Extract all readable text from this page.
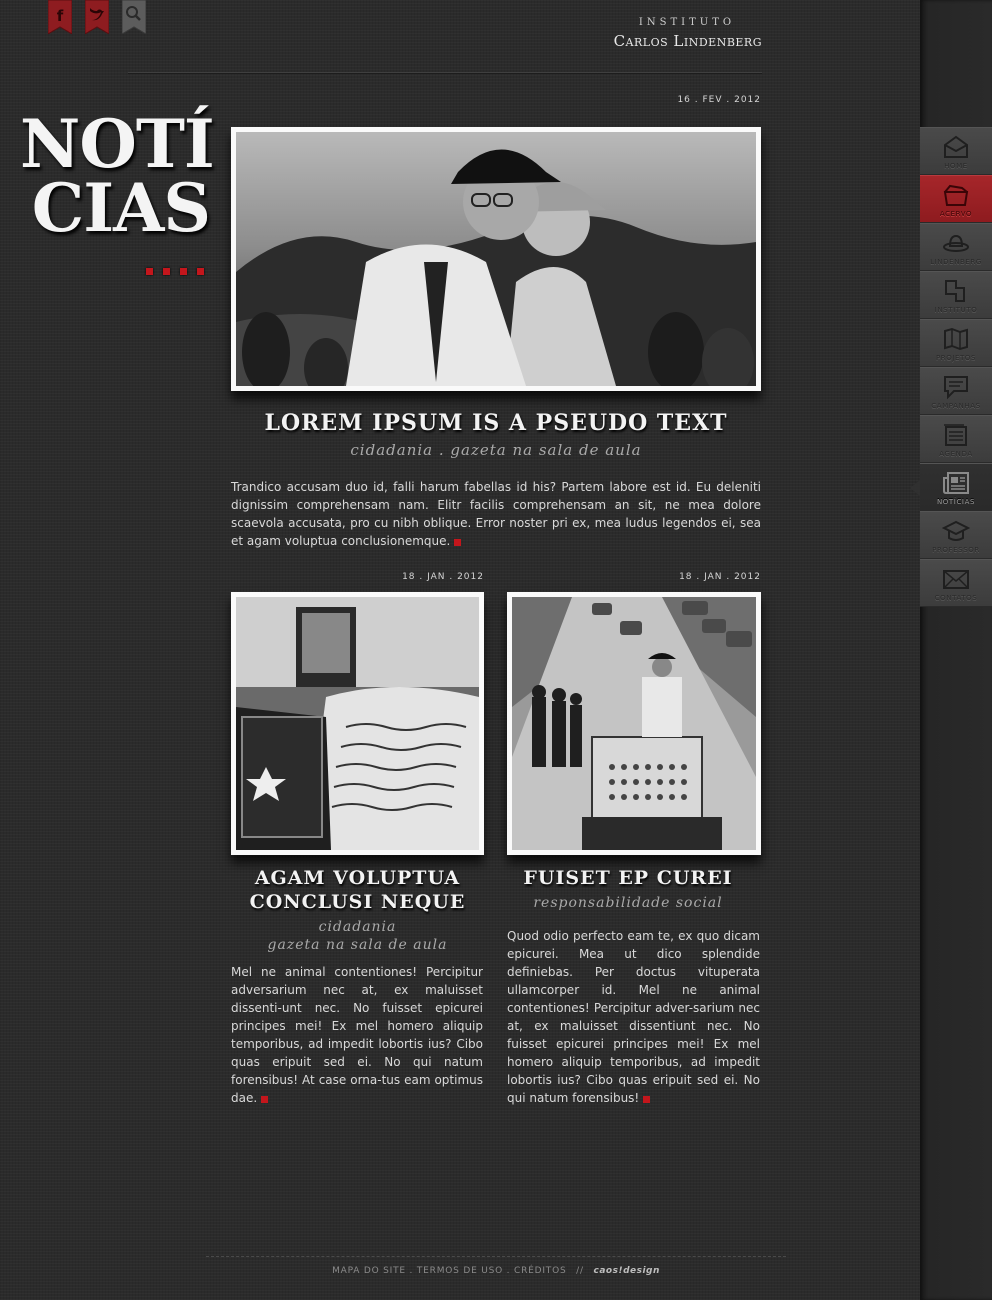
f	INSTITUTO
Carlos Lindenberg
NOTÍ
CIAS
16 . FEV . 2012
LOREM IPSUM IS A PSEUDO TEXT
cidadania . gazeta na sala de aula
Trandico accusam duo id, falli harum fabellas id his? Partem labore est id. Eu deleniti dignissim comprehensam nam. Elitr facilis comprehensam an sit, ne mea dolore scaevola accusata, pro cu nibh oblique. Error noster pri ex, mea ludus legendos ei, sea et agam voluptua conclusionemque.
18 . JAN . 2012
AGAM VOLUPTUA
CONCLUSI NEQUE
cidadania
gazeta na sala de aula
Mel ne animal contentiones! Percipitur adversarium nec at, ex maluisset dissenti-unt nec. No fuisset epicurei principes mei! Ex mel homero aliquip temporibus, ad impedit lobortis ius? Cibo quas eripuit sed ei. No qui natum forensibus! At case orna-tus eam optimus dae.
18 . JAN . 2012
FUISET EP CUREI
responsabilidade social
Quod odio perfecto eam te, ex quo dicam epicurei. Mea ut dico splendide definiebas. Per doctus vituperata ullamcorper id. Mel ne animal contentiones! Percipitur adver-sarium nec at, ex maluisset dissentiunt nec. No fuisset epicurei principes mei! Ex mel homero aliquip temporibus, ad impedit lobortis ius? Cibo quas eripuit sed ei. No qui natum forensibus!
HOME
ACERVO
LINDENBERG
INSTITUTO
PROJETOS
CAMPANHAS
AGENDA
NOTÍCIAS
PROFESSOR
CONTATOS
MAPA DO SITE . TERMOS DE USO . CRÉDITOS // caos!design
